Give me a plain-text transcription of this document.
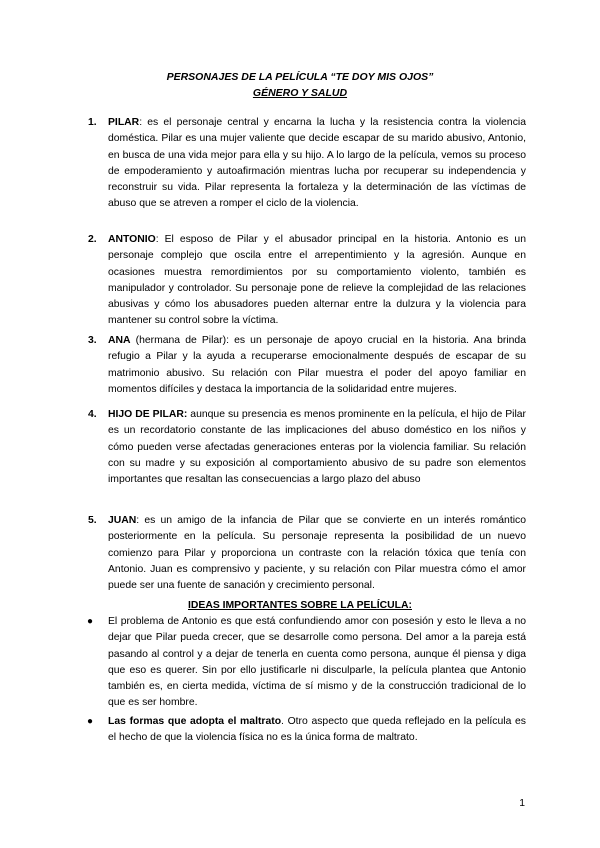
PERSONAJES DE LA PELÍCULA “TE DOY MIS OJOS”
GÉNERO Y SALUD
1. PILAR: es el personaje central y encarna la lucha y la resistencia contra la violencia doméstica. Pilar es una mujer valiente que decide escapar de su marido abusivo, Antonio, en busca de una vida mejor para ella y su hijo. A lo largo de la película, vemos su proceso de empoderamiento y autoafirmación mientras lucha por recuperar su independencia y reconstruir su vida. Pilar representa la fortaleza y la determinación de las víctimas de abuso que se atreven a romper el ciclo de la violencia.
2. ANTONIO: El esposo de Pilar y el abusador principal en la historia. Antonio es un personaje complejo que oscila entre el arrepentimiento y la agresión. Aunque en ocasiones muestra remordimientos por su comportamiento violento, también es manipulador y controlador. Su personaje pone de relieve la complejidad de las relaciones abusivas y cómo los abusadores pueden alternar entre la dulzura y la violencia para mantener su control sobre la víctima.
3. ANA (hermana de Pilar): es un personaje de apoyo crucial en la historia. Ana brinda refugio a Pilar y la ayuda a recuperarse emocionalmente después de escapar de su matrimonio abusivo. Su relación con Pilar muestra el poder del apoyo familiar en momentos difíciles y destaca la importancia de la solidaridad entre mujeres.
4. HIJO DE PILAR: aunque su presencia es menos prominente en la película, el hijo de Pilar es un recordatorio constante de las implicaciones del abuso doméstico en los niños y cómo pueden verse afectadas generaciones enteras por la violencia familiar. Su relación con su madre y su exposición al comportamiento abusivo de su padre son elementos importantes que resaltan las consecuencias a largo plazo del abuso
5. JUAN: es un amigo de la infancia de Pilar que se convierte en un interés romántico posteriormente en la película. Su personaje representa la posibilidad de un nuevo comienzo para Pilar y proporciona un contraste con la relación tóxica que tenía con Antonio. Juan es comprensivo y paciente, y su relación con Pilar muestra cómo el amor puede ser una fuente de sanación y crecimiento personal.
IDEAS IMPORTANTES SOBRE LA PELÍCULA:
● El problema de Antonio es que está confundiendo amor con posesión y esto le lleva a no dejar que Pilar pueda crecer, que se desarrolle como persona. Del amor a la pareja está pasando al control y a dejar de tenerla en cuenta como persona, aunque él piensa y diga que eso es querer. Sin por ello justificarle ni disculparle, la película plantea que Antonio también es, en cierta medida, víctima de sí mismo y de la construcción tradicional de lo que es ser hombre.
● Las formas que adopta el maltrato. Otro aspecto que queda reflejado en la película es el hecho de que la violencia física no es la única forma de maltrato.
1
